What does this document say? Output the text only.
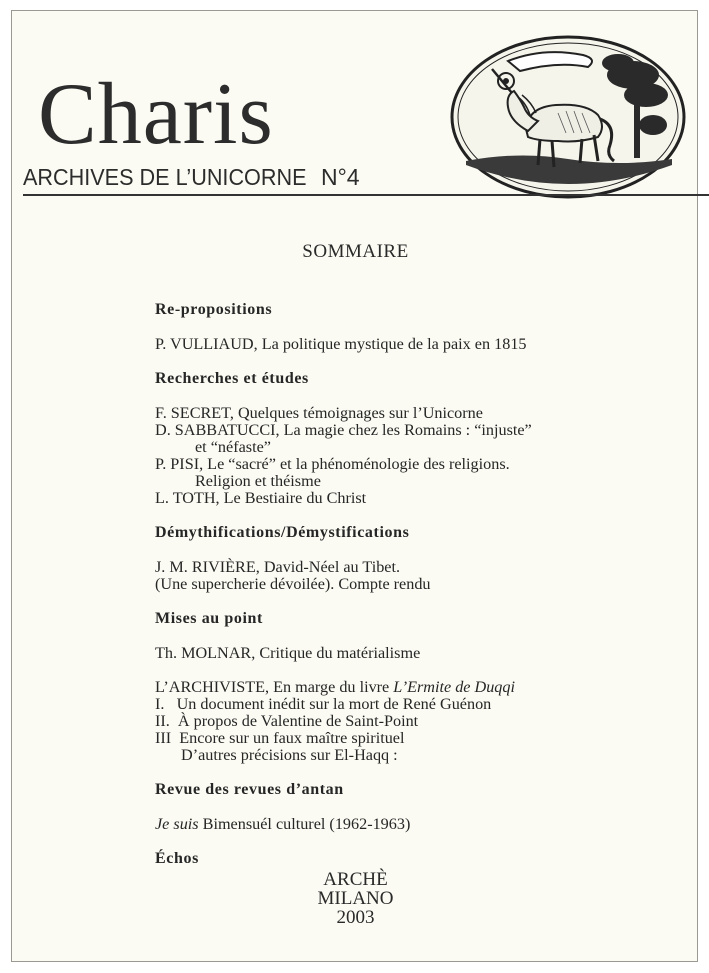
Charis
ARCHIVES DE L’UNICORNE N°4
SOMMAIRE
Re-propositions
P. VULLIAUD, La politique mystique de la paix en 1815
Recherches et études
F. SECRET, Quelques témoignages sur l’Unicorne
D. SABBATUCCI, La magie chez les Romains : “injuste”
et “néfaste”
P. PISI, Le “sacré” et la phénoménologie des religions.
Religion et théisme
L. TOTH, Le Bestiaire du Christ
Démythifications/Démystifications
J. M. RIVIÈRE, David-Néel au Tibet.
(Une supercherie dévoilée). Compte rendu
Mises au point
Th. MOLNAR, Critique du matérialisme
L’ARCHIVISTE, En marge du livre L’Ermite de Duqqi
I.   Un document inédit sur la mort de René Guénon
II.  À propos de Valentine de Saint-Point
III  Encore sur un faux maître spirituel
D’autres précisions sur El-Haqq :
Revue des revues d’antan
Je suis Bimensuél culturel (1962-1963)
Échos
ARCHÈ
MILANO
2003
